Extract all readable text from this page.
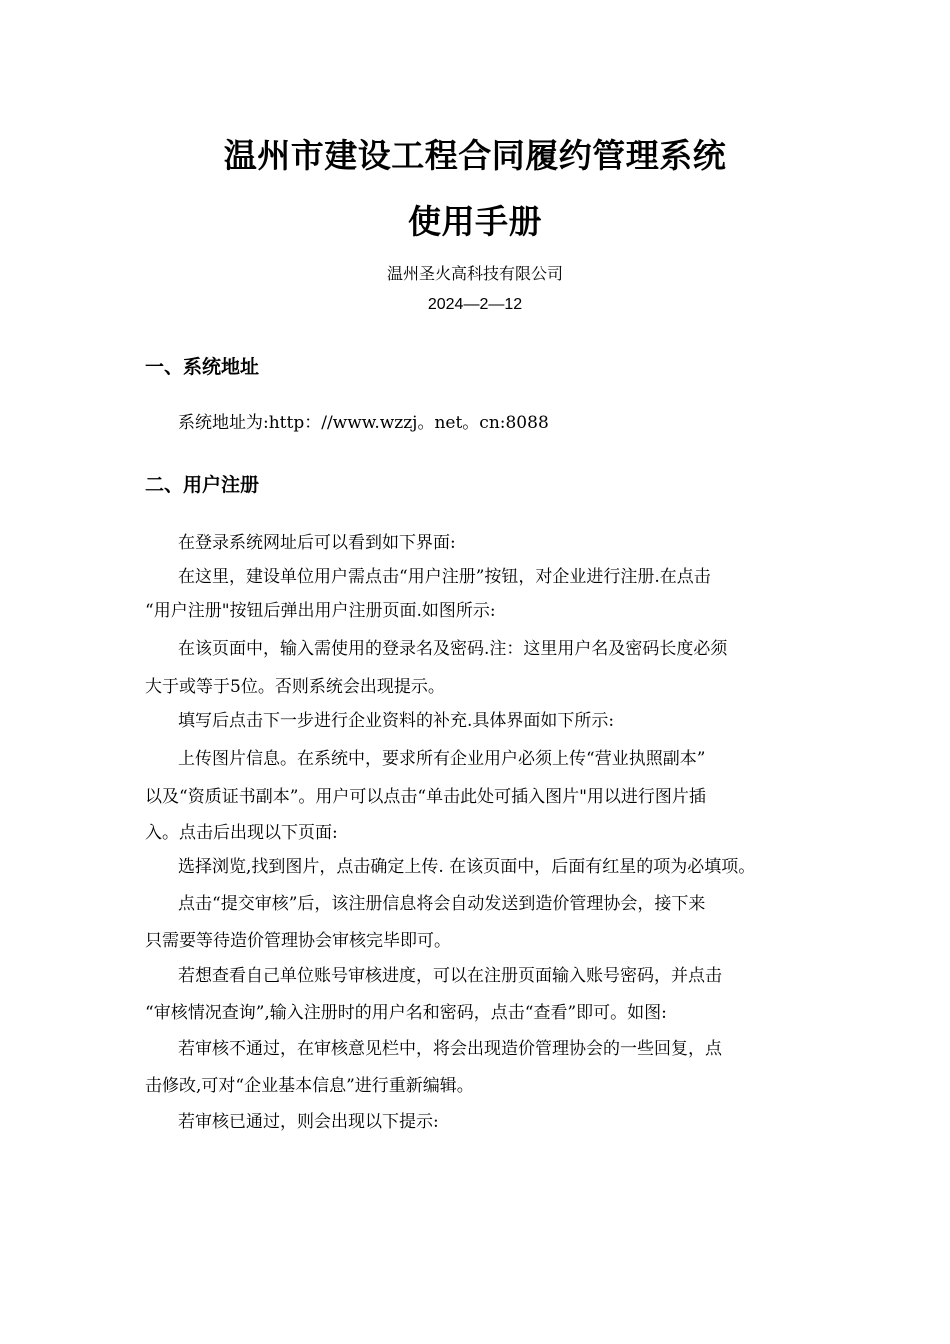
温州市建设工程合同履约管理系统
使用手册
温州圣火高科技有限公司
2024—2—12
一、系统地址
系统地址为:http：//www.wzzj。net。cn:8088
二、用户注册
在登录系统网址后可以看到如下界面:
在这里，建设单位用户需点击“用户注册”按钮，对企业进行注册.在点击
“用户注册"按钮后弹出用户注册页面.如图所示:
在该页面中，输入需使用的登录名及密码.注：这里用户名及密码长度必须
大于或等于5位。否则系统会出现提示。
填写后点击下一步进行企业资料的补充.具体界面如下所示:
上传图片信息。在系统中，要求所有企业用户必须上传“营业执照副本”
以及“资质证书副本”。用户可以点击“单击此处可插入图片"用以进行图片插
入。点击后出现以下页面:
选择浏览,找到图片，点击确定上传. 在该页面中，后面有红星的项为必填项。
点击“提交审核”后，该注册信息将会自动发送到造价管理协会，接下来
只需要等待造价管理协会审核完毕即可。
若想查看自己单位账号审核进度，可以在注册页面输入账号密码，并点击
“审核情况查询”,输入注册时的用户名和密码，点击“查看”即可。如图:
若审核不通过，在审核意见栏中，将会出现造价管理协会的一些回复，点
击修改,可对“企业基本信息”进行重新编辑。
若审核已通过，则会出现以下提示:
